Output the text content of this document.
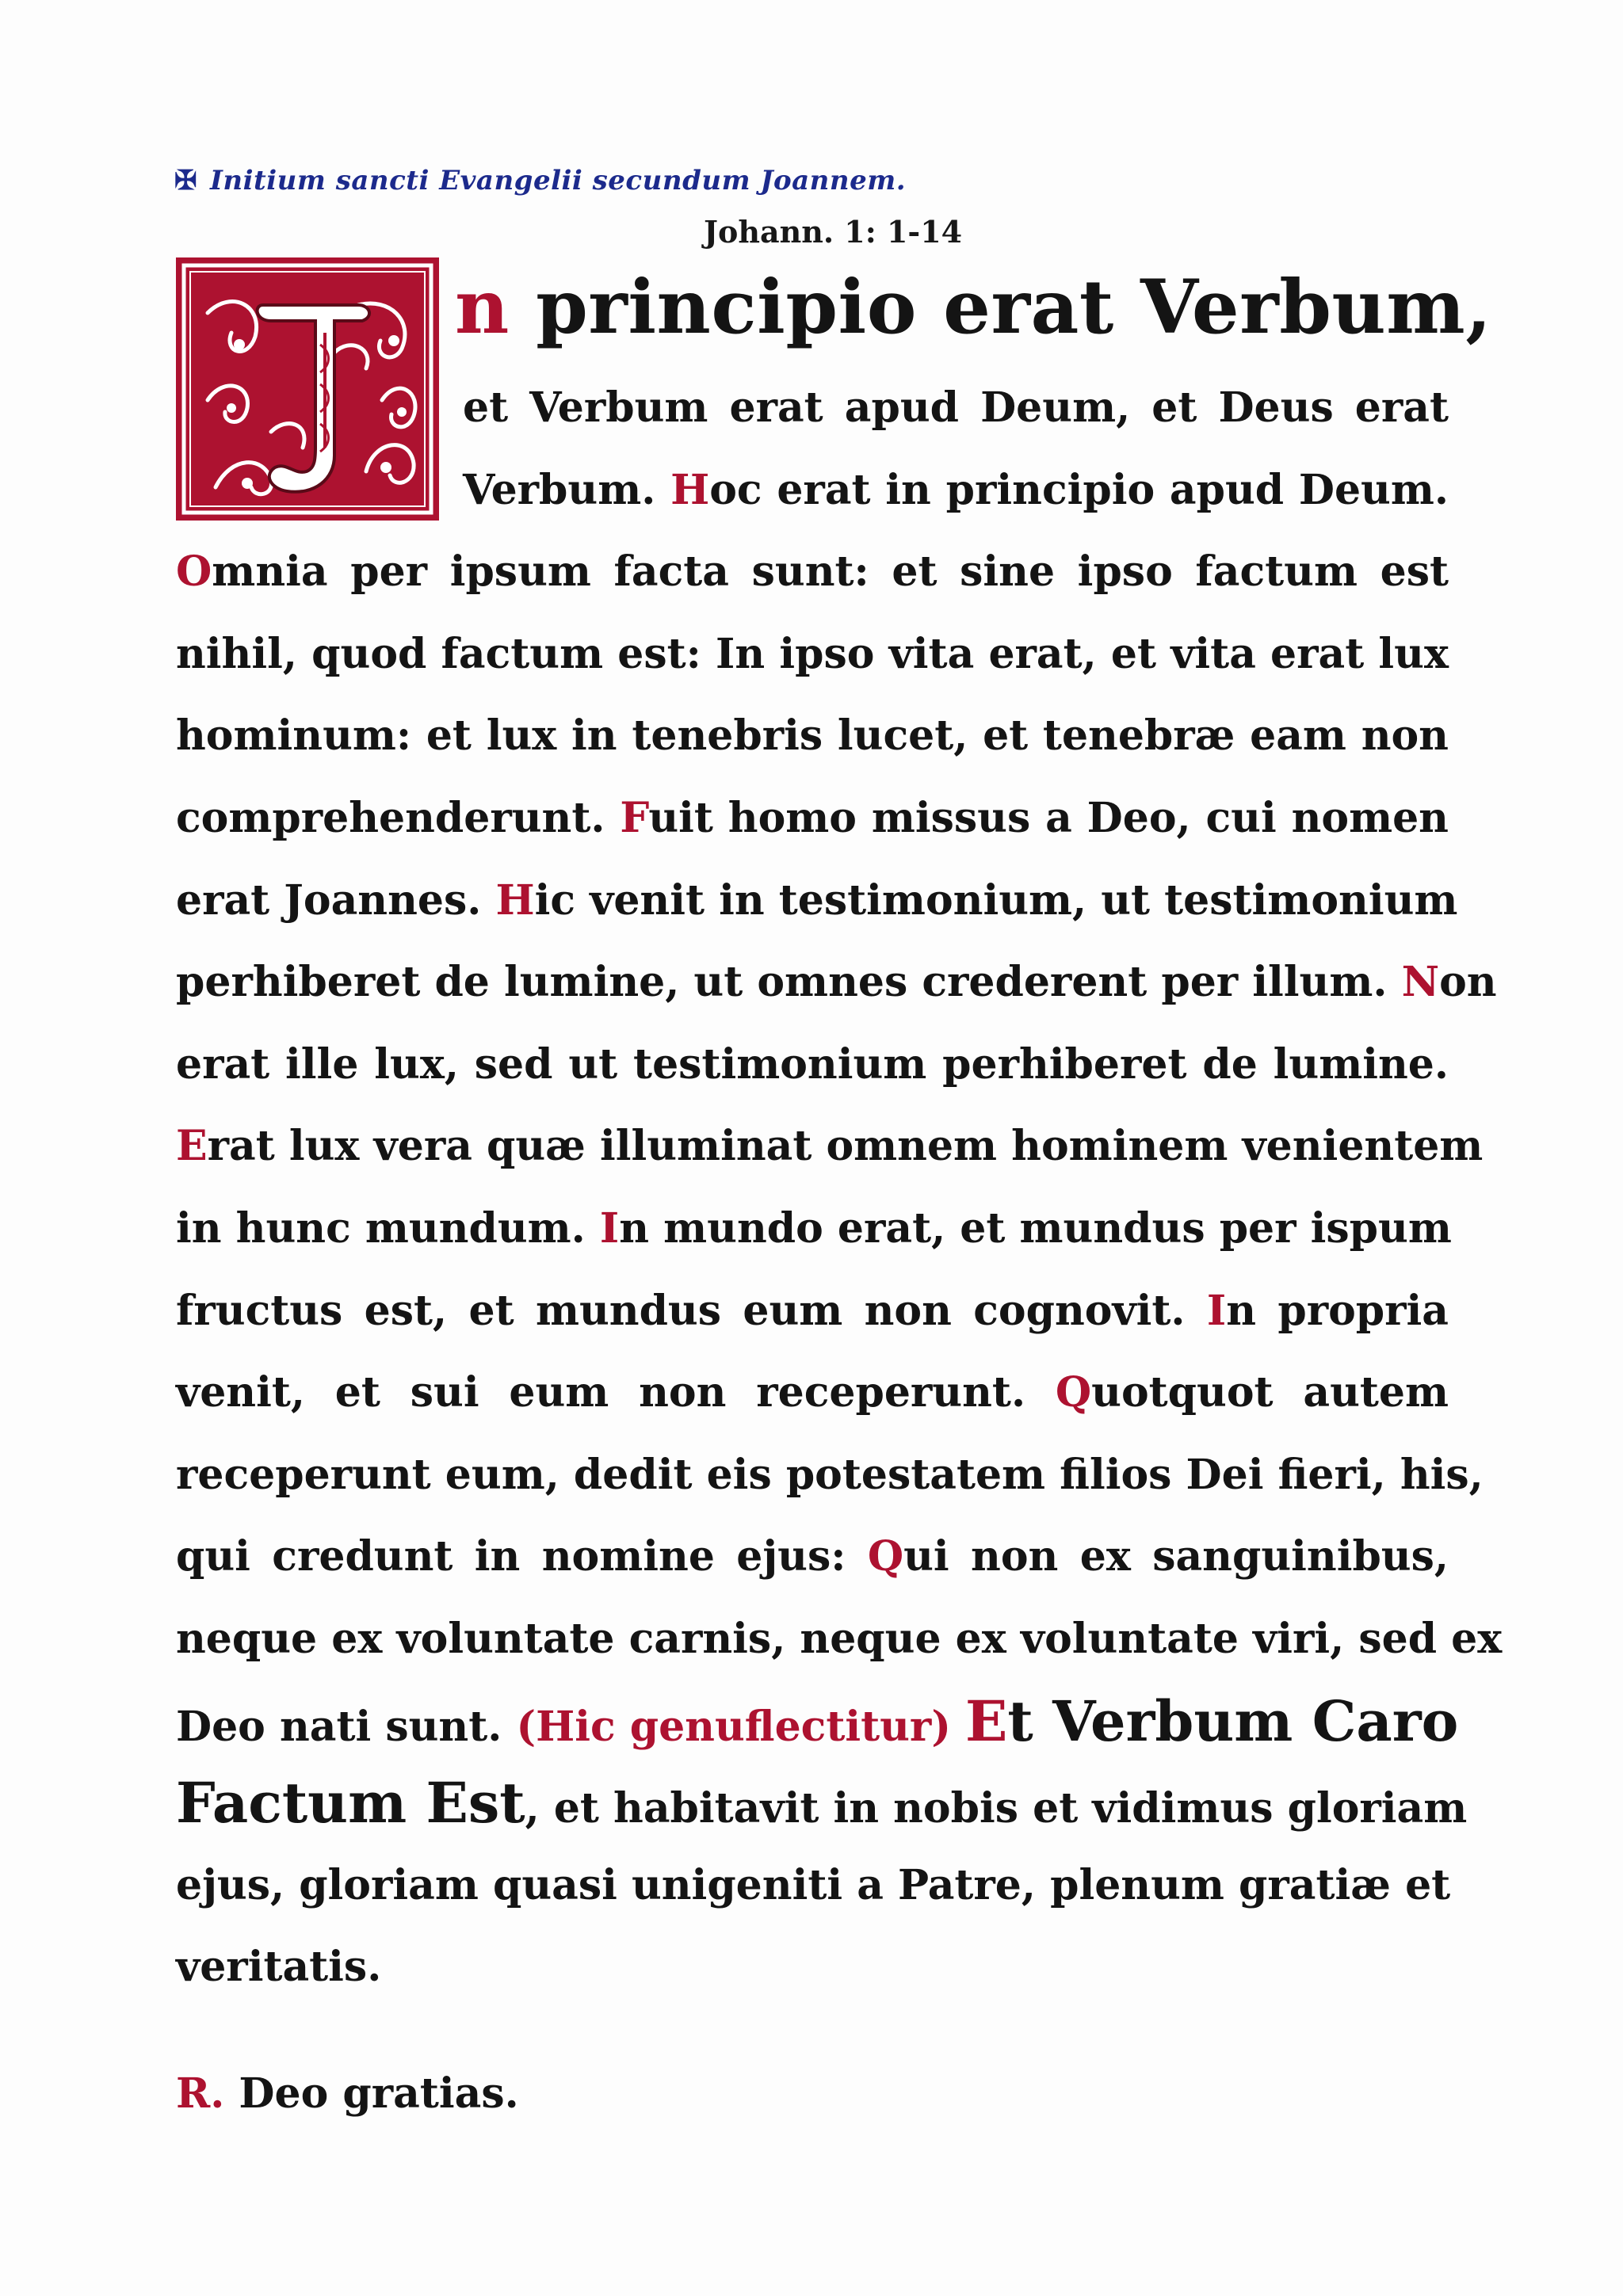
✠ Initium sancti Evangelii secundum Joannem.
Johann. 1: 1-14
n principio erat Verbum,
et Verbum erat apud Deum, et Deus erat
Verbum. Hoc erat in principio apud Deum.
Omnia per ipsum facta sunt: et sine ipso factum est
nihil, quod factum est: In ipso vita erat, et vita erat lux
hominum: et lux in tenebris lucet, et tenebræ eam non
comprehenderunt. Fuit homo missus a Deo, cui nomen
erat Joannes. Hic venit in testimonium, ut testimonium
perhiberet de lumine, ut omnes crederent per illum. Non
erat ille lux, sed ut testimonium perhiberet de lumine.
Erat lux vera quæ illuminat omnem hominem venientem
in hunc mundum. In mundo erat, et mundus per ispum
fructus est, et mundus eum non cognovit. In propria
venit, et sui eum non receperunt. Quotquot autem
receperunt eum, dedit eis potestatem filios Dei fieri, his,
qui credunt in nomine ejus: Qui non ex sanguinibus,
neque ex voluntate carnis, neque ex voluntate viri, sed ex
Deo nati sunt. (Hic genuflectitur) Et Verbum Caro
Factum Est, et habitavit in nobis et vidimus gloriam
ejus, gloriam quasi unigeniti a Patre, plenum gratiæ et
veritatis.
R. Deo gratias.
